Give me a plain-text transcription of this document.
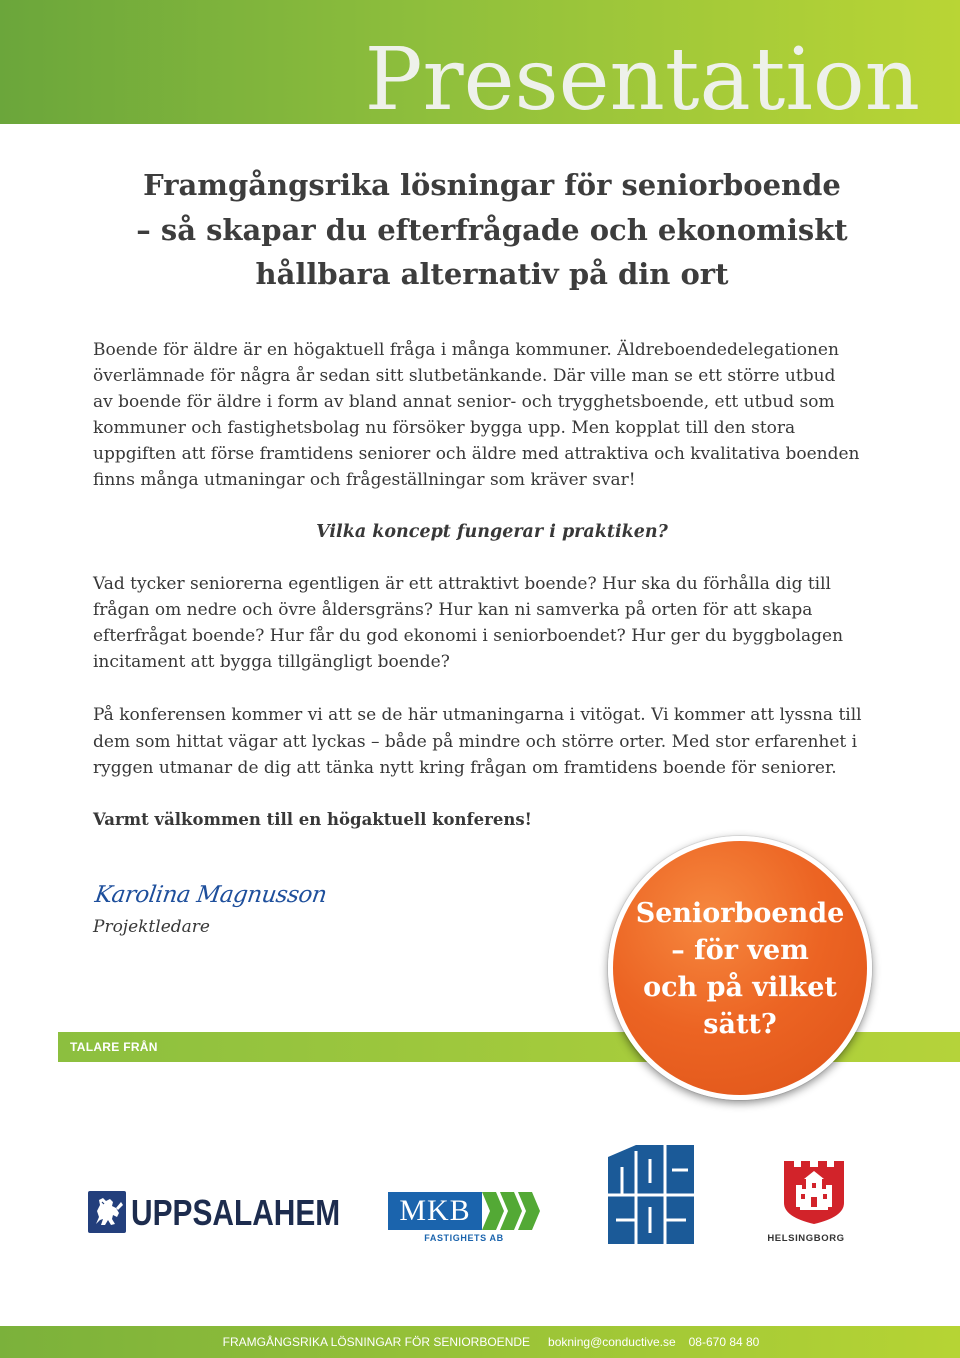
Presentation
Framgångsrika lösningar för seniorboende
– så skapar du efterfrågade och ekonomiskt
hållbara alternativ på din ort
Boende för äldre är en högaktuell fråga i många kommuner. Äldreboendedelegationen
överlämnade för några år sedan sitt slutbetänkande. Där ville man se ett större utbud
av boende för äldre i form av bland annat senior- och trygghetsboende, ett utbud som
kommuner och fastighetsbolag nu försöker bygga upp. Men kopplat till den stora
uppgiften att förse framtidens seniorer och äldre med attraktiva och kvalitativa boenden
finns många utmaningar och frågeställningar som kräver svar!
Vilka koncept fungerar i praktiken?
Vad tycker seniorerna egentligen är ett attraktivt boende? Hur ska du förhålla dig till
frågan om nedre och övre åldersgräns? Hur kan ni samverka på orten för att skapa
efterfrågat boende? Hur får du god ekonomi i seniorboendet? Hur ger du byggbolagen
incitament att bygga tillgängligt boende?
På konferensen kommer vi att se de här utmaningarna i vitögat. Vi kommer att lyssna till
dem som hittat vägar att lyckas – både på mindre och större orter. Med stor erfarenhet i
ryggen utmanar de dig att tänka nytt kring frågan om framtidens boende för seniorer.
Varmt välkommen till en högaktuell konferens!
Karolina Magnusson
Projektledare
TALARE FRÅN
Seniorboende
– för vem
och på vilket
sätt?
UPPSALAHEM	MKB
FASTIGHETS AB	HELSINGBORG
FRAMGÅNGSRIKA LÖSNINGAR FÖR SENIORBOENDE bokning@conductive.se 08-670 84 80
